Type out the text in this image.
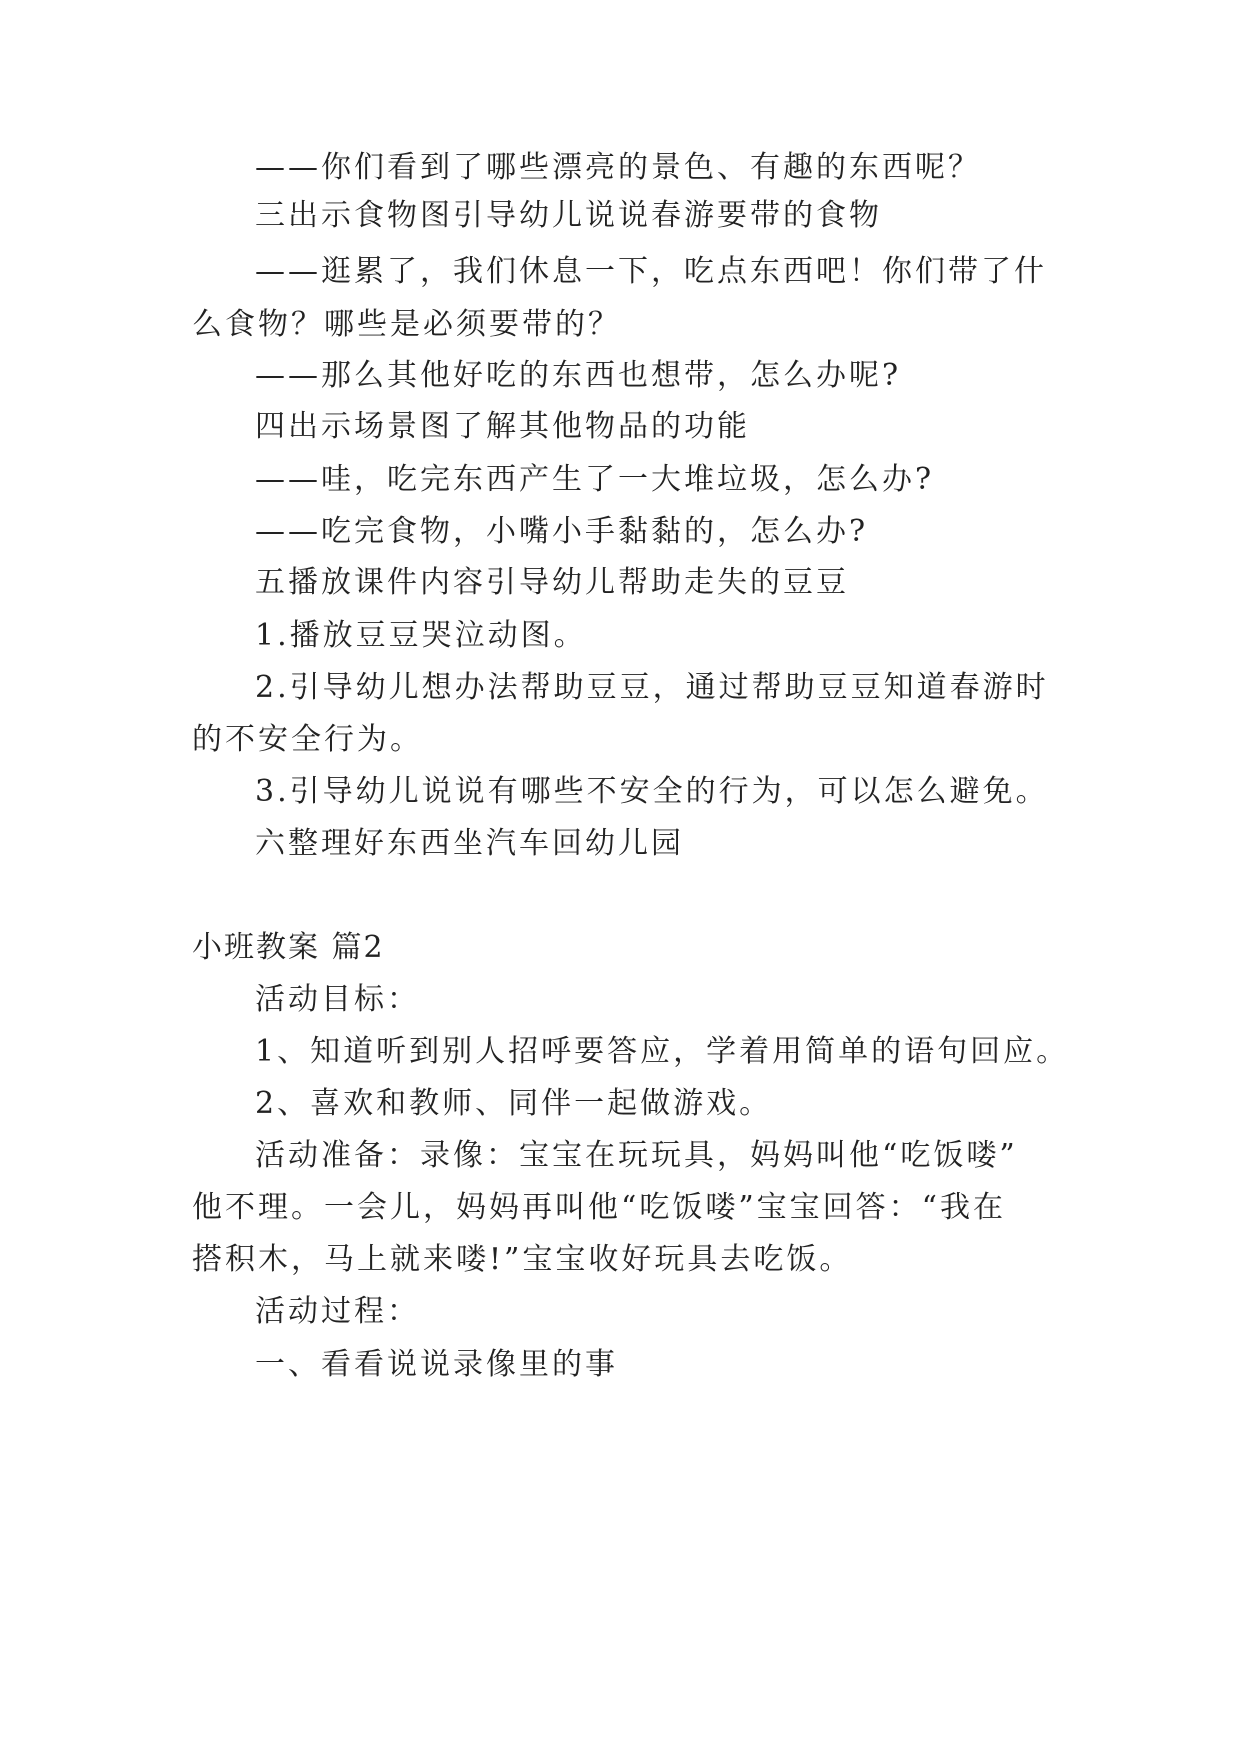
——你们看到了哪些漂亮的景色、有趣的东西呢？
三出示食物图引导幼儿说说春游要带的食物
——逛累了，我们休息一下，吃点东西吧！你们带了什
么食物？哪些是必须要带的？
——那么其他好吃的东西也想带，怎么办呢?
四出示场景图了解其他物品的功能
——哇，吃完东西产生了一大堆垃圾，怎么办?
——吃完食物，小嘴小手黏黏的，怎么办?
五播放课件内容引导幼儿帮助走失的豆豆
1.播放豆豆哭泣动图。
2.引导幼儿想办法帮助豆豆，通过帮助豆豆知道春游时
的不安全行为。
3.引导幼儿说说有哪些不安全的行为，可以怎么避免。
六整理好东西坐汽车回幼儿园
小班教案 篇2
活动目标：
1、知道听到别人招呼要答应，学着用简单的语句回应。
2、喜欢和教师、同伴一起做游戏。
活动准备：录像：宝宝在玩玩具，妈妈叫他“吃饭喽”
他不理。一会儿，妈妈再叫他“吃饭喽”宝宝回答：“我在
搭积木，马上就来喽!”宝宝收好玩具去吃饭。
活动过程：
一、看看说说录像里的事
